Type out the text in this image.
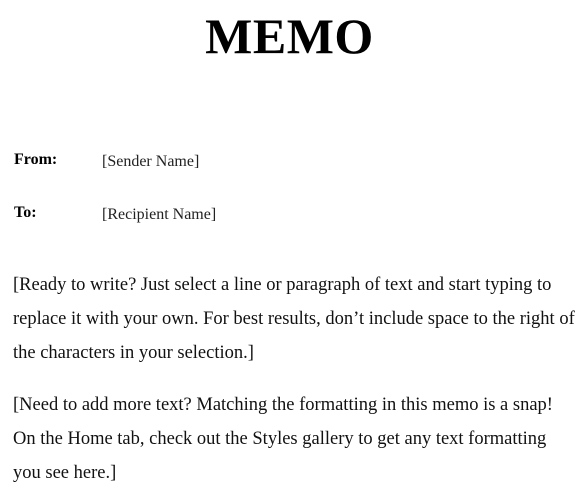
MEMO
From:	[Sender Name]
To:	[Recipient Name]

[Ready to write? Just select a line or paragraph of text and start typing to replace it with your own. For best results, don’t include space to the right of the characters in your selection.]

[Need to add more text? Matching the formatting in this memo is a snap! On the Home tab, check out the Styles gallery to get any text formatting you see here.]
